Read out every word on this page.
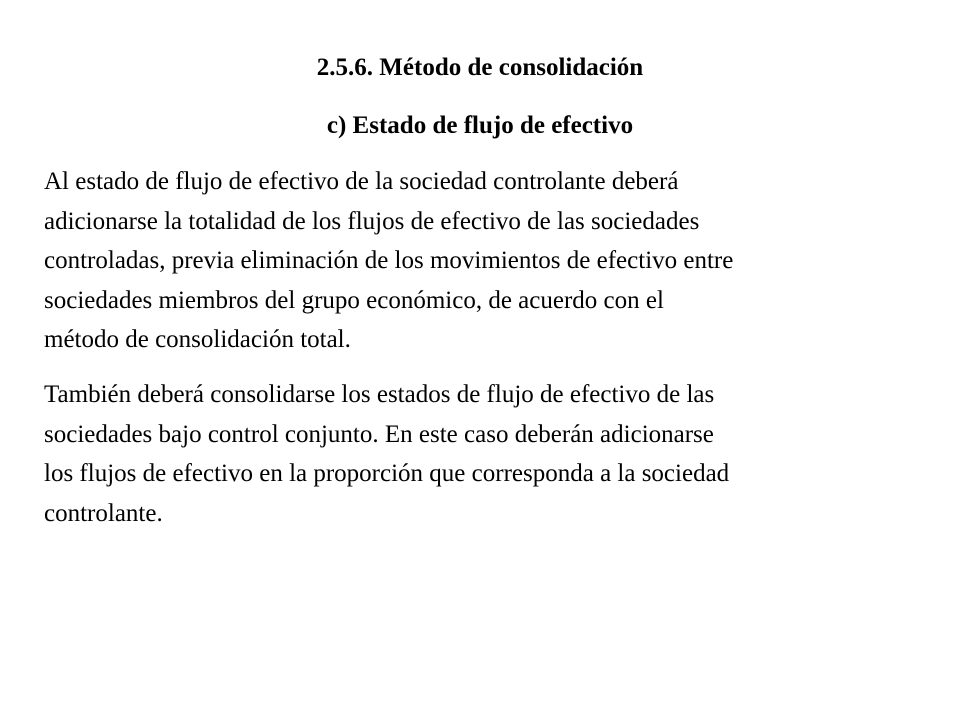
2.5.6. Método de consolidación
c) Estado de flujo de efectivo

Al estado de flujo de efectivo de la sociedad controlante deberá
adicionarse la totalidad de los flujos de efectivo de las sociedades
controladas, previa eliminación de los movimientos de efectivo entre
sociedades miembros del grupo económico, de acuerdo con el
método de consolidación total.

También deberá consolidarse los estados de flujo de efectivo de las
sociedades bajo control conjunto. En este caso deberán adicionarse
los flujos de efectivo en la proporción que corresponda a la sociedad
controlante.
